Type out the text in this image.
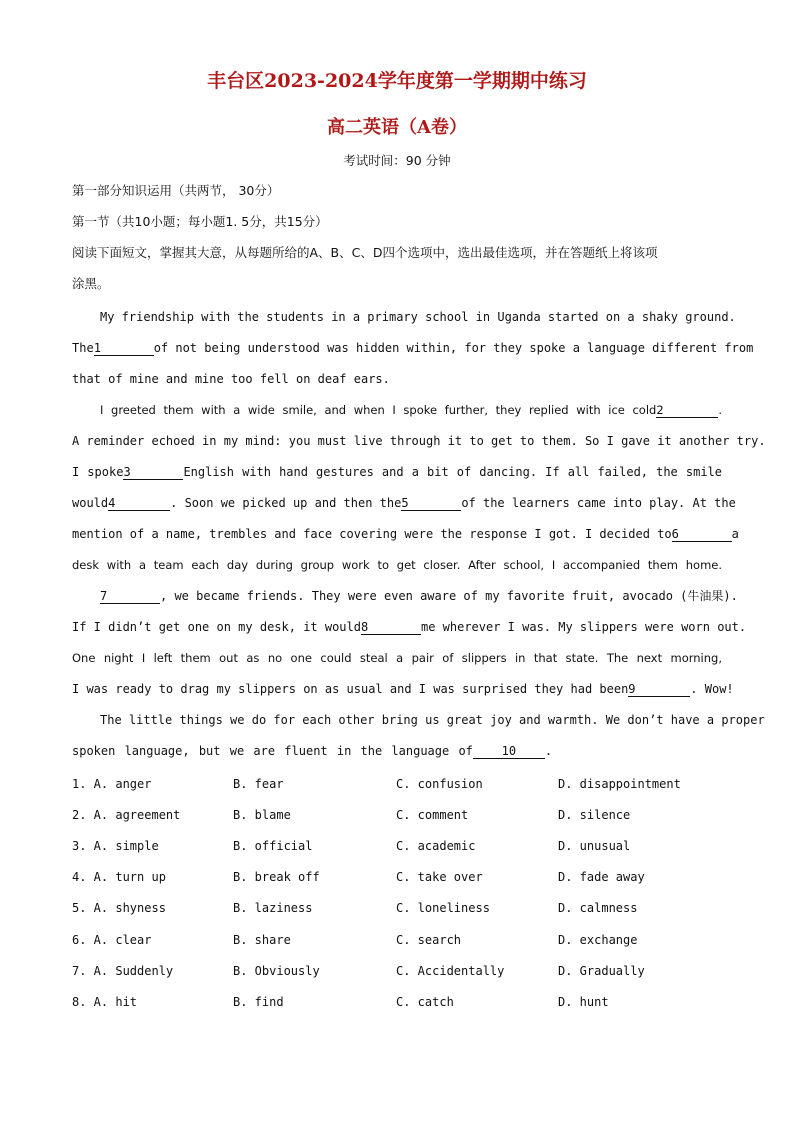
丰台区2023-2024学年度第一学期期中练习
高二英语（A卷）
考试时间：90 分钟
第一部分知识运用（共两节， 30分）
第一节（共10小题；每小题1. 5分，共15分）
阅读下面短文，掌握其大意，从每题所给的A、B、C、D四个选项中，选出最佳选项，并在答题纸上将该项
涂黑。
My friendship with the students in a primary school in Uganda started on a shaky ground.
The1	of not being understood was hidden within, for they spoke a language different from
that of mine and mine too fell on deaf ears.
I greeted them with a wide smile, and when I spoke further, they replied with ice cold2	.
A reminder echoed in my mind: you must live through it to get to them. So I gave it another try.
I spoke3	English with hand gestures and a bit of dancing. If all failed, the smile
would4	. Soon we picked up and then the5	of the learners came into play. At the
mention of a name, trembles and face covering were the response I got. I decided to6	a
desk with a team each day during group work to get closer. After school, I accompanied them home.
7	, we became friends. They were even aware of my favorite fruit, avocado (牛油果).
If I didn’t get one on my desk, it would8	me wherever I was. My slippers were worn out.
One night I left them out as no one could steal a pair of slippers in that state. The next morning,
I was ready to drag my slippers on as usual and I was surprised they had been9	. Wow!
The little things we do for each other bring us great joy and warmth. We don’t have a proper
spoken language, but we are fluent in the language of 10 .
1. A. anger	B. fear	C. confusion	D. disappointment
2. A. agreement	B. blame	C. comment	D. silence
3. A. simple	B. official	C. academic	D. unusual
4. A. turn up	B. break off	C. take over	D. fade away
5. A. shyness	B. laziness	C. loneliness	D. calmness
6. A. clear	B. share	C. search	D. exchange
7. A. Suddenly	B. Obviously	C. Accidentally	D. Gradually
8. A. hit	B. find	C. catch	D. hunt
